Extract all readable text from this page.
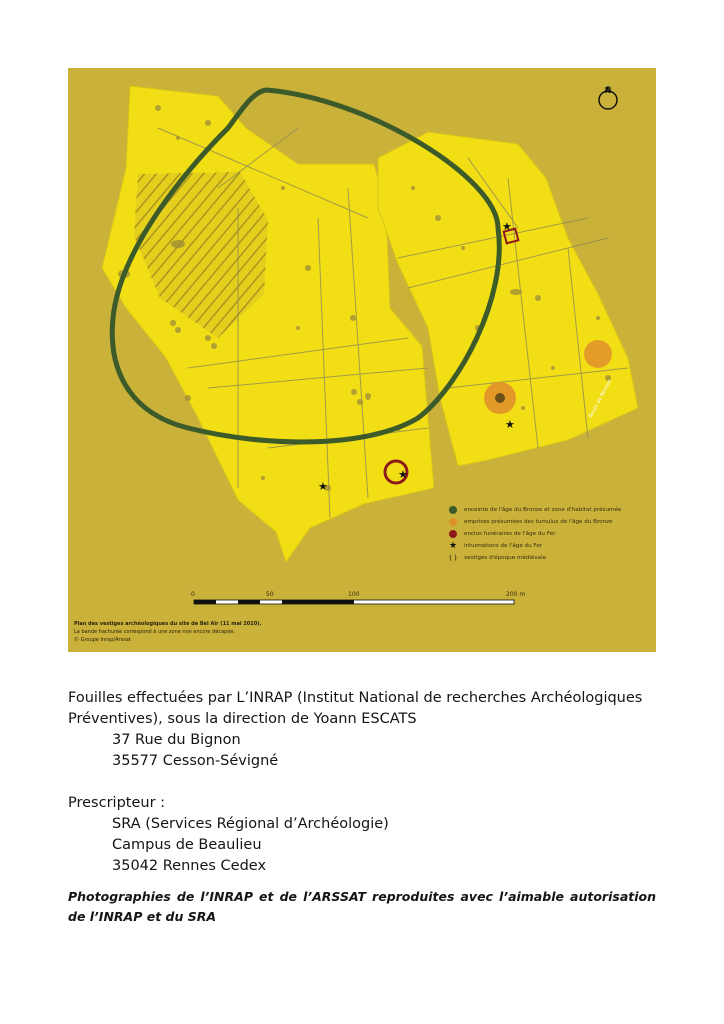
★
★
★
★
N
Route de Rennes
enceinte de l'âge du Bronze et zone d'habitat présumée
emprises présumées des tumulus de l'âge du Bronze
enclos funéraires de l'âge du Fer
★ inhumations de l'âge du Fer
( ) vestiges d'époque médiévale
0	50	100	200 m
Plan des vestiges archéologiques du site de Bel Air (11 mai 2010).
La bande hachurée correspond à une zone non encore décapée.
© Groupe Inrap/Arssat
Fouilles effectuées par L’INRAP (Institut National de recherches Archéologiques
Préventives), sous la direction de Yoann ESCATS
37 Rue du Bignon
35577 Cesson-Sévigné
Prescripteur :
SRA (Services Régional d’Archéologie)
Campus de Beaulieu
35042 Rennes Cedex
Photographies de l’INRAP et de l’ARSSAT reproduites avec l’aimable autorisation de l’INRAP et du SRA
